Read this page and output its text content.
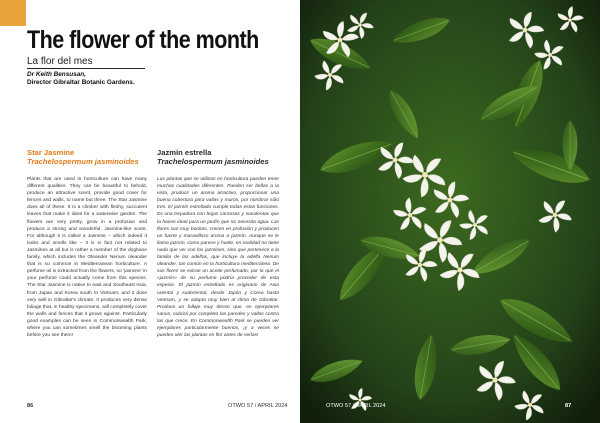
The flower of the month
La flor del mes
Dr Keith Bensusan,
Director Gibraltar Botanic Gardens.
Star Jasmine
Trachelospermum jasminoides
Plants that are used in horticulture can have many different qualities. They can be beautiful to behold, produce an attractive scent, provide good cover for fences and walls, to name but three. The Star Jasmine does all of these. It is a climber with fleshy, succulent leaves that make it ideal for a waterwise garden. The flowers are very pretty, grow in a profusion and produce a strong and wonderful, Jasmine-like scent. For although it is called a Jasmine – which indeed it looks and smells like – it is in fact not related to Jasmines at all but is rather a member of the dogbane family, which includes the Oleander Nerium oleander that is so common in Mediterranean horticulture. A perfume oil is extracted from the flowers, so 'jasmine' in your perfume could actually come from this species. The Star Jasmine is native to east and Southeast Asia, from Japan and Korea south to Vietnam, and it does very well in Gibraltar's climate. It produces very dense foliage that, in healthy specimens, will completely cover the walls and fences that it grows against. Particularly good examples can be seen in Commonwealth Park, where you can sometimes smell the blooming plants before you see them!
Jazmín estrella
Trachelospermum jasminoides
Las plantas que se utilizan en horticultura pueden tener muchas cualidades diferentes. Pueden ser bellas a la vista, producir un aroma atractivo, proporcionar una buena cobertura para vallas y muros, por nombrar sólo tres. El jazmín estrellado cumple todas estas funciones. Es una trepadora con hojas carnosas y suculentas que la hacen ideal para un jardín que no necesita agua. Las flores son muy bonitas, crecen en profusión y producen un fuerte y maravilloso aroma a jazmín. Aunque se le llama jazmín, como parece y huele, en realidad no tiene nada que ver con los jazmines, sino que pertenece a la familia de las adelfas, que incluye la adelfa Nerium oleander, tan común en la horticultura mediterránea. De sus flores se extrae un aceite perfumado, por lo que el «jazmín» de su perfume podría proceder de esta especie. El jazmín estrellado es originario de Asia oriental y sudoriental, desde Japón y Corea hasta Vietnam, y se adapta muy bien al clima de Gibraltar. Produce un follaje muy denso que, en ejemplares sanos, cubrirá por completo las paredes y vallas contra las que crece. En Commonwealth Park se pueden ver ejemplares particularmente buenos, ¡y a veces se pueden oler las plantas en flor antes de verlas!
86	OTWO 57 / APRIL 2024	OTWO 57 / APRIL 2024	87
